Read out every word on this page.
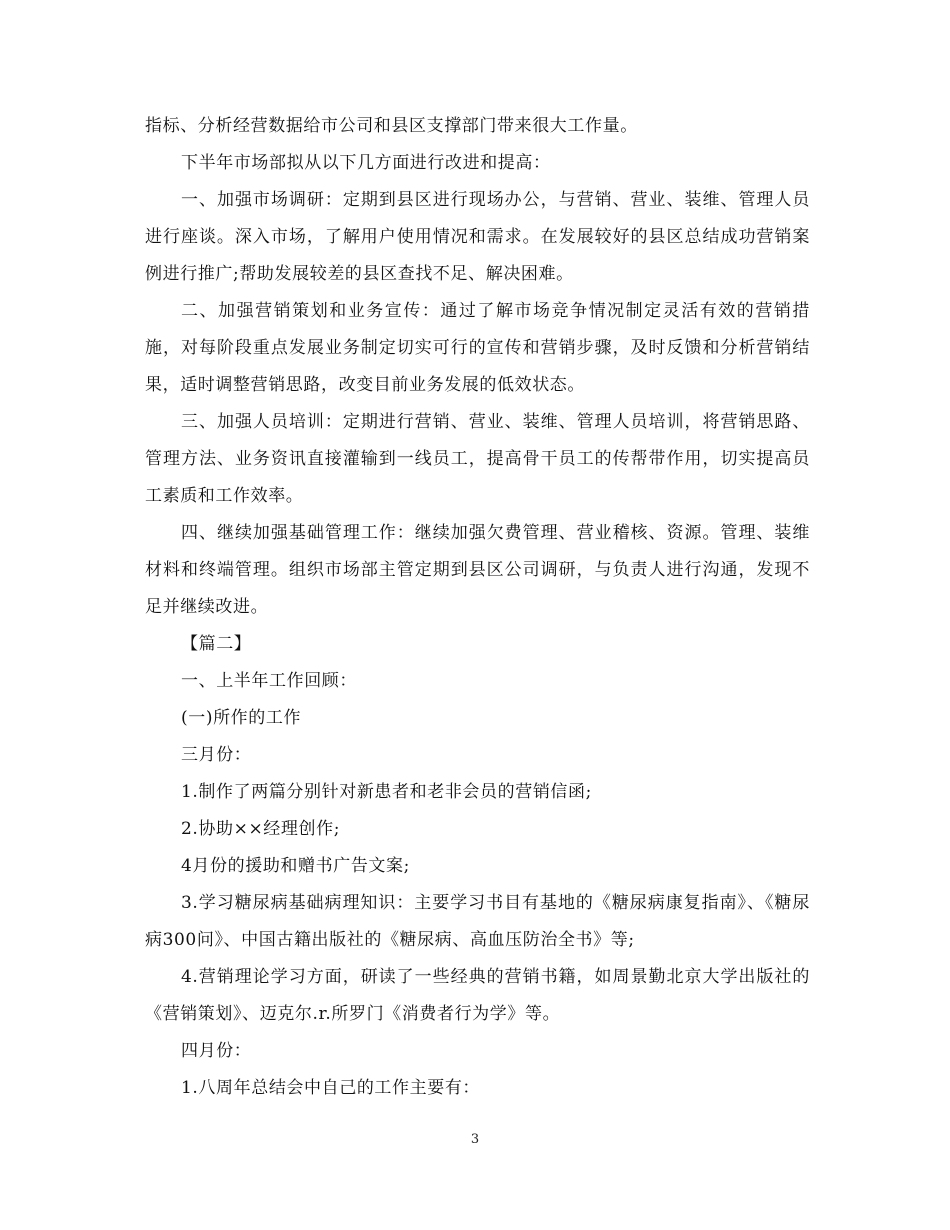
指标、分析经营数据给市公司和县区支撑部门带来很大工作量。

下半年市场部拟从以下几方面进行改进和提高：

一、加强市场调研：定期到县区进行现场办公，与营销、营业、装维、管理人员进行座谈。深入市场，了解用户使用情况和需求。在发展较好的县区总结成功营销案例进行推广;帮助发展较差的县区查找不足、解决困难。

二、加强营销策划和业务宣传：通过了解市场竞争情况制定灵活有效的营销措施，对每阶段重点发展业务制定切实可行的宣传和营销步骤，及时反馈和分析营销结果，适时调整营销思路，改变目前业务发展的低效状态。

三、加强人员培训：定期进行营销、营业、装维、管理人员培训，将营销思路、管理方法、业务资讯直接灌输到一线员工，提高骨干员工的传帮带作用，切实提高员工素质和工作效率。

四、继续加强基础管理工作：继续加强欠费管理、营业稽核、资源。管理、装维材料和终端管理。组织市场部主管定期到县区公司调研，与负责人进行沟通，发现不足并继续改进。

【篇二】

一、上半年工作回顾：

(一)所作的工作

三月份：

1.制作了两篇分别针对新患者和老非会员的营销信函;

2.协助××经理创作;

4月份的援助和赠书广告文案;

3.学习糖尿病基础病理知识：主要学习书目有基地的《糖尿病康复指南》、《糖尿病300问》、中国古籍出版社的《糖尿病、高血压防治全书》等;

4.营销理论学习方面，研读了一些经典的营销书籍，如周景勤北京大学出版社的《营销策划》、迈克尔.r.所罗门《消费者行为学》等。

四月份：

1.八周年总结会中自己的工作主要有：

3
